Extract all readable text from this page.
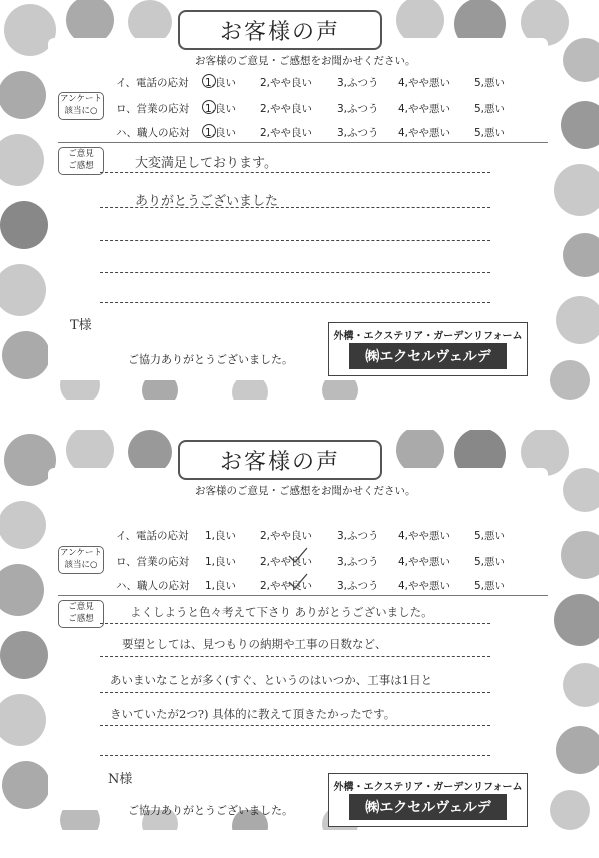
お客様の声
お客様のご意見・ご感想をお聞かせください。
アンケート
該当に○
イ、電話の応対 1,良い 2,やや良い 3,ふつう 4,やや悪い 5,悪い
ロ、営業の応対 1,良い 2,やや良い 3,ふつう 4,やや悪い 5,悪い
ハ、職人の応対 1,良い 2,やや良い 3,ふつう 4,やや悪い 5,悪い
ご意見
ご感想	大変満足しております。
ありがとうございました
T様
ご協力ありがとうございました。
外構・エクステリア・ガーデンリフォーム
㈱エクセルヴェルデ
お客様の声
お客様のご意見・ご感想をお聞かせください。
アンケート
該当に○
イ、電話の応対 1,良い 2,やや良い 3,ふつう 4,やや悪い 5,悪い
ロ、営業の応対 1,良い 2,やや良い 3,ふつう 4,やや悪い 5,悪い
ハ、職人の応対 1,良い 2,やや良い 3,ふつう 4,やや悪い 5,悪い
ご意見
ご感想	よくしようと色々考えて下さり ありがとうございました。
要望としては、見つもりの納期や工事の日数など、
あいまいなことが多く(すぐ、というのはいつか、工事は1日と
きいていたが2つ?) 具体的に教えて頂きたかったです。
N様
ご協力ありがとうございました。
外構・エクステリア・ガーデンリフォーム
㈱エクセルヴェルデ
